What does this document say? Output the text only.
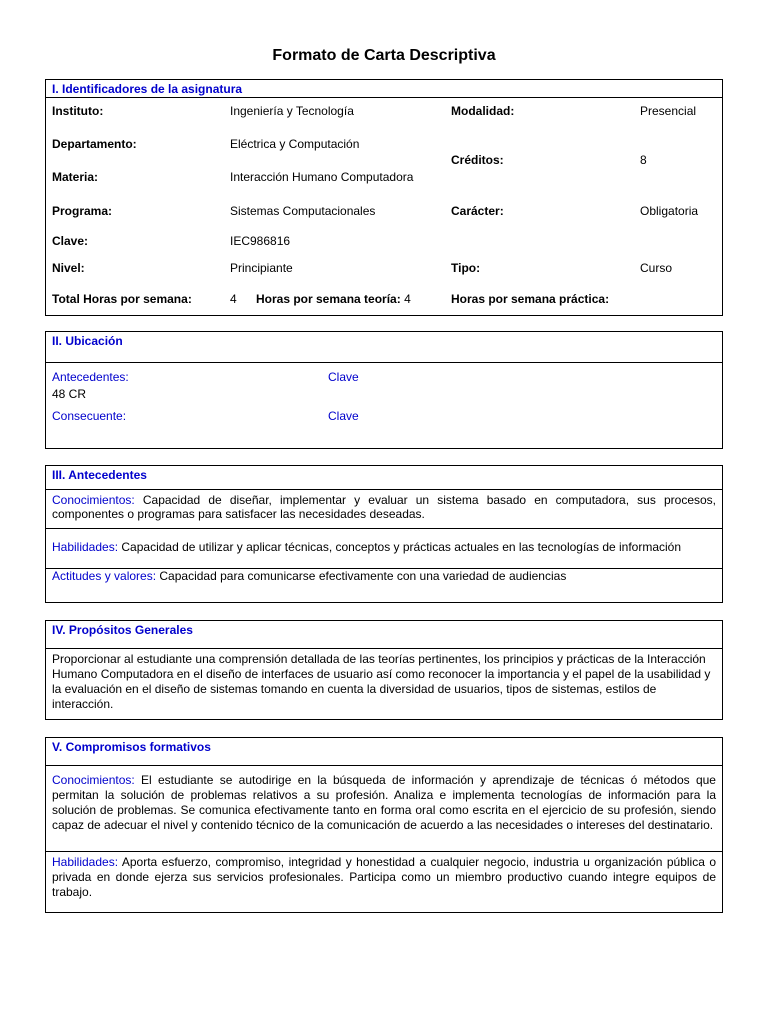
Formato de Carta Descriptiva
I. Identificadores de la asignatura
Instituto:	Ingeniería y Tecnología	Modalidad:	Presencial
Departamento:	Eléctrica y Computación
Créditos:	8
Materia:	Interacción Humano Computadora
Programa:	Sistemas Computacionales	Carácter:	Obligatoria
Clave:	IEC986816
Nivel:	Principiante	Tipo:	Curso
Total Horas por semana:	4 Horas por semana teoría: 4	Horas por semana práctica:
II. Ubicación
Antecedentes:	Clave
48 CR
Consecuente:	Clave
III. Antecedentes
Conocimientos: Capacidad de diseñar, implementar y evaluar un sistema basado en computadora, sus procesos, componentes o programas para satisfacer las necesidades deseadas.
Habilidades: Capacidad de utilizar y aplicar técnicas, conceptos y prácticas actuales en las tecnologías de información
Actitudes y valores: Capacidad para comunicarse efectivamente con una variedad de audiencias
IV. Propósitos Generales
Proporcionar al estudiante una comprensión detallada de las teorías pertinentes, los principios y prácticas de la Interacción Humano Computadora en el diseño de interfaces de usuario así como reconocer la importancia y el papel de la usabilidad y la evaluación en el diseño de sistemas tomando en cuenta la diversidad de usuarios, tipos de sistemas, estilos de interacción.
V. Compromisos formativos
Conocimientos: El estudiante se autodirige en la búsqueda de información y aprendizaje de técnicas ó métodos que permitan la solución de problemas relativos a su profesión. Analiza e implementa tecnologías de información para la solución de problemas. Se comunica efectivamente tanto en forma oral como escrita en el ejercicio de su profesión, siendo capaz de adecuar el nivel y contenido técnico de la comunicación de acuerdo a las necesidades o intereses del destinatario.
Habilidades: Aporta esfuerzo, compromiso, integridad y honestidad a cualquier negocio, industria u organización pública o privada en donde ejerza sus servicios profesionales. Participa como un miembro productivo cuando integre equipos de trabajo.
